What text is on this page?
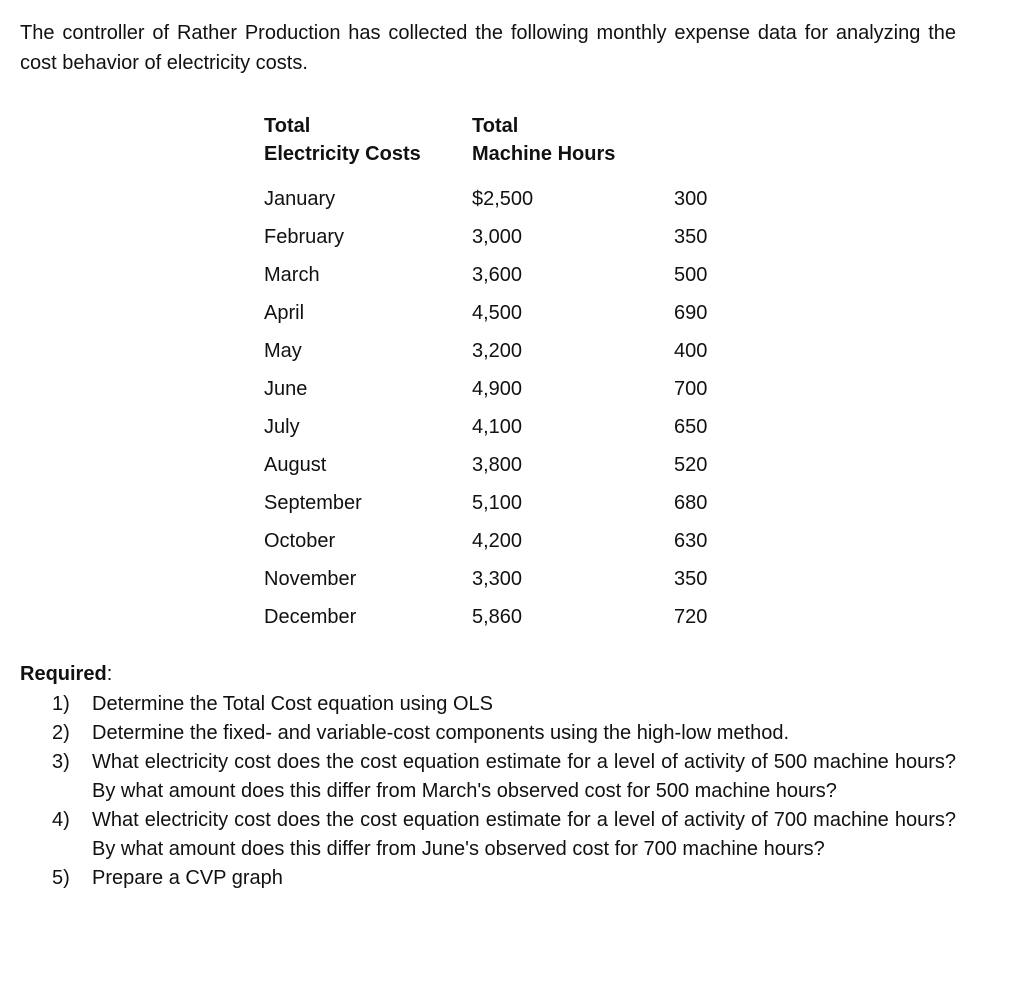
The controller of Rather Production has collected the following monthly expense data for analyzing the cost behavior of electricity costs.
Total
Electricity Costs
Total
Machine Hours
January	$2,500	300
February	3,000	350
March	3,600	500
April	4,500	690
May	3,200	400
June	4,900	700
July	4,100	650
August	3,800	520
September	5,100	680
October	4,200	630
November	3,300	350
December	5,860	720
Required:
1) Determine the Total Cost equation using OLS
2) Determine the fixed- and variable-cost components using the high-low method.
3) What electricity cost does the cost equation estimate for a level of activity of 500 machine hours? By what amount does this differ from March's observed cost for 500 machine hours?
4) What electricity cost does the cost equation estimate for a level of activity of 700 machine hours? By what amount does this differ from June's observed cost for 700 machine hours?
5) Prepare a CVP graph
